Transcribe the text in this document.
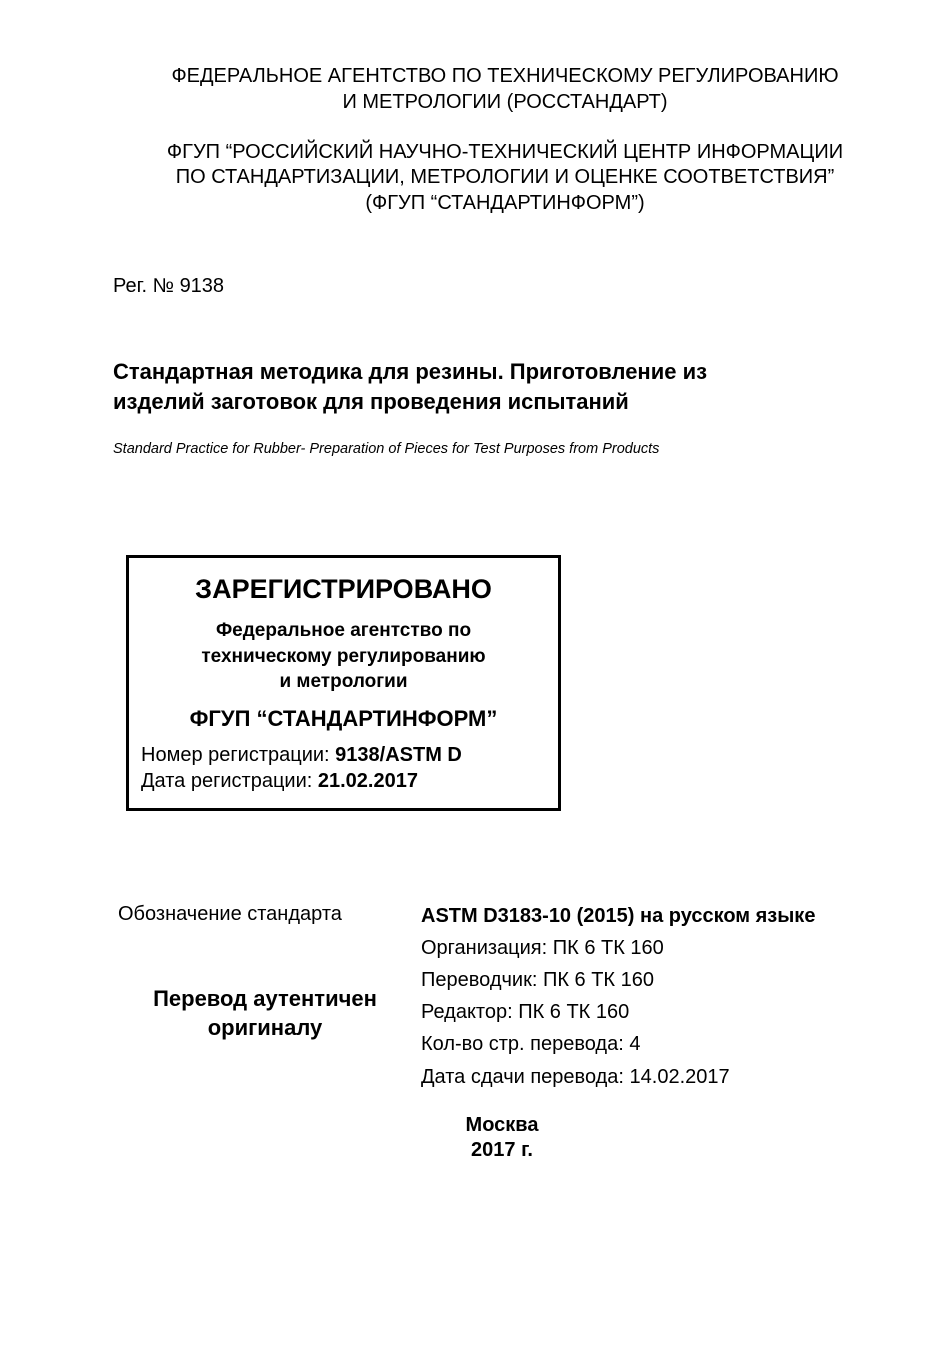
ФЕДЕРАЛЬНОЕ АГЕНТСТВО ПО ТЕХНИЧЕСКОМУ РЕГУЛИРОВАНИЮ
И МЕТРОЛОГИИ (РОССТАНДАРТ)
ФГУП “РОССИЙСКИЙ НАУЧНО-ТЕХНИЧЕСКИЙ ЦЕНТР ИНФОРМАЦИИ
ПО СТАНДАРТИЗАЦИИ, МЕТРОЛОГИИ И ОЦЕНКЕ СООТВЕТСТВИЯ”
(ФГУП “СТАНДАРТИНФОРМ”)
Рег. № 9138
Стандартная методика для резины. Приготовление из
изделий заготовок для проведения испытаний
Standard Practice for Rubber- Preparation of Pieces for Test Purposes from Products
ЗАРЕГИСТРИРОВАНО
Федеральное агентство по
техническому регулированию
и метрологии
ФГУП “СТАНДАРТИНФОРМ”
Номер регистрации: 9138/ASTM D
Дата регистрации: 21.02.2017
Обозначение стандарта
Перевод аутентичен
оригиналу
ASTM D3183-10 (2015) на русском языке
Организация: ПК 6 ТК 160
Переводчик: ПК 6 ТК 160
Редактор: ПК 6 ТК 160
Кол-во стр. перевода: 4
Дата сдачи перевода: 14.02.2017
Москва
2017 г.
